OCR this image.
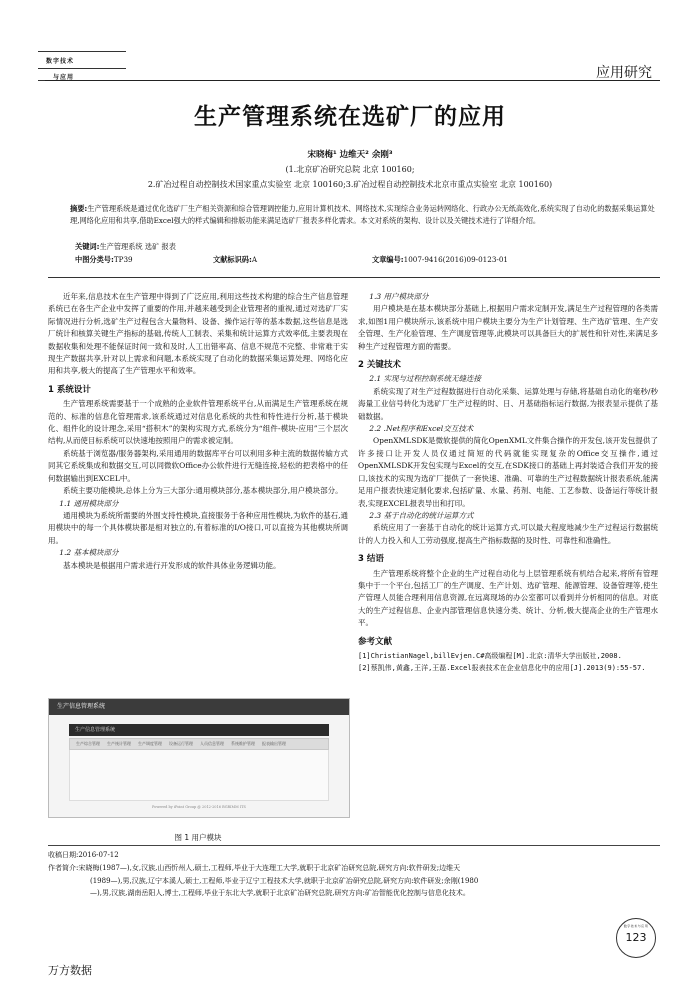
数字技术
与应用	应用研究
生产管理系统在选矿厂的应用
宋晓梅¹ 边维天² 余刚³
(1.北京矿冶研究总院 北京 100160;
2.矿冶过程自动控制技术国家重点实验室 北京 100160;3.矿冶过程自动控制技术北京市重点实验室 北京 100160)
摘要:生产管理系统是通过优化选矿厂生产相关资源和综合管理调控能力,应用计算机技术、网络技术,实现综合业务运转网络化、行政办公无纸高效化,系统实现了自动化的数据采集运算处理,网络化应用和共享,借助Excel强大的样式编辑和排版功能来满足选矿厂报表多样化需求。本文对系统的架构、设计以及关键技术进行了详细介绍。
关键词:生产管理系统 选矿 报表
中图分类号:TP39	文献标识码:A	文章编号:1007-9416(2016)09-0123-01

近年来,信息技术在生产管理中得到了广泛应用,利用这些技术构建的综合生产信息管理系统已在各生产企业中发挥了重要的作用,并越来越受到企业管理者的重视,通过对选矿厂实际情况进行分析,选矿生产过程包含大量物料、设备、操作运行等的基本数据,这些信息是选厂统计和核算关键生产指标的基础,传统人工制表、采集和统计运算方式效率低,主要表现在数据收集和处理不能保证时间一致和及时,人工出错率高、信息不规范不完整、非常难于实现生产数据共享,针对以上需求和问题,本系统实现了自动化的数据采集运算处理、网络化应用和共享,极大的提高了生产管理水平和效率。

1 系统设计

生产管理系统需要基于一个成熟的企业软件管理系统平台,从而满足生产管理系统在规范的、标准的信息化管理需求,该系统通过对信息化系统的共性和特性进行分析,基于模块化、组件化的设计理念,采用“搭积木”的架构实现方式,系统分为“组件-模块-应用”三个层次结构,从而使目标系统可以快速地按照用户的需求被定制。

系统基于浏览器/服务器架构,采用通用的数据库平台可以利用多种主流的数据传输方式同其它系统集成和数据交互,可以同微软Office办公软件进行无缝连接,轻松的把表格中的任何数据输出到EXCEL中。

系统主要功能模块,总体上分为三大部分:通用模块部分,基本模块部分,用户模块部分。

1.1 通用模块部分

通用模块为系统所需要的外围支持性模块,直接服务于各种应用性模块,为软件的基石,通用模块中的每一个具体模块都是相对独立的,有着标准的I/O接口,可以直接为其他模块所调用。

1.2 基本模块部分

基本模块是根据用户需求进行开发形成的软件具体业务逻辑功能。

生产信息管理系统
生产信息管理系统
生产综合管理 生产统计管理 生产调度管理 设备运行管理 人员信息管理 系统维护管理 报表输出管理
Powered by iPoint Group @ 2012-2016 BGRIMM ITS
图 1 用户模块
1.3 用户模块部分

用户模块是在基本模块部分基础上,根据用户需求定制开发,满足生产过程管理的各类需求,如图1用户模块所示,该系统中用户模块主要分为生产计划管理、生产选矿管理、生产安全管理、生产化验管理、生产调度管理等,此模块可以具备巨大的扩展性和针对性,来满足多种生产过程管理方面的需要。

2 关键技术
2.1 实现与过程控制系统无缝连接

系统实现了对生产过程数据进行自动化采集、运算处理与存储,将基础自动化的毫秒/秒海量工业信号转化为选矿厂生产过程的时、日、月基础指标运行数据,为报表显示提供了基础数据。

2.2 .Net程序和Excel交互技术

OpenXMLSDK是微软提供的简化OpenXML文件集合操作的开发包,该开发包提供了许多接口让开发人员仅通过简短的代码就能实现复杂的Office交互操作,通过OpenXMLSDK开发包实现与Excel的交互,在SDK接口的基础上再封装适合我们开发的接口,该技术的实现为选矿厂提供了一套快速、准确、可靠的生产过程数据统计报表系统,能满足用户报表快速定制化要求,包括矿量、水量、药剂、电能、工艺参数、设备运行等统计报表,实现EXCEL报表导出和打印。

2.3 基于自动化的统计运算方式

系统应用了一套基于自动化的统计运算方式,可以最大程度地减少生产过程运行数据统计的人力投入和人工劳动强度,提高生产指标数据的及时性、可靠性和准确性。

3 结语

生产管理系统将整个企业的生产过程自动化与上层管理系统有机结合起来,将所有管理集中于一个平台,包括工厂的生产调度、生产计划、选矿管理、能源管理、设备管理等,使生产管理人员能合理利用信息资源,在远离现场的办公室都可以看到并分析相同的信息。对底大的生产过程信息、企业内部管理信息快速分类、统计、分析,极大提高企业的生产管理水平。

参考文献

[1]ChristianNagel,billEvjen.C#高级编程[M].北京:清华大学出版社,2008.

[2]蔡凯伟,黄鑫,王洋,王磊.Excel报表技术在企业信息化中的应用[J].2013(9):55-57.

收稿日期:2016-07-12
作者简介:宋晓梅(1987—),女,汉族,山西忻州人,硕士,工程师,毕业于大连理工大学,就职于北京矿冶研究总院,研究方向:软件研发;边维天
(1989—),男,汉族,辽宁本溪人,硕士,工程师,毕业于辽宁工程技术大学,就职于北京矿冶研究总院,研究方向:软件研发;余刚(1980
—),男,汉族,湖南岳阳人,博士,工程师,毕业于东北大学,就职于北京矿冶研究总院,研究方向:矿冶智能优化控制与信息化技术。
数字技术与应用
123
万方数据
